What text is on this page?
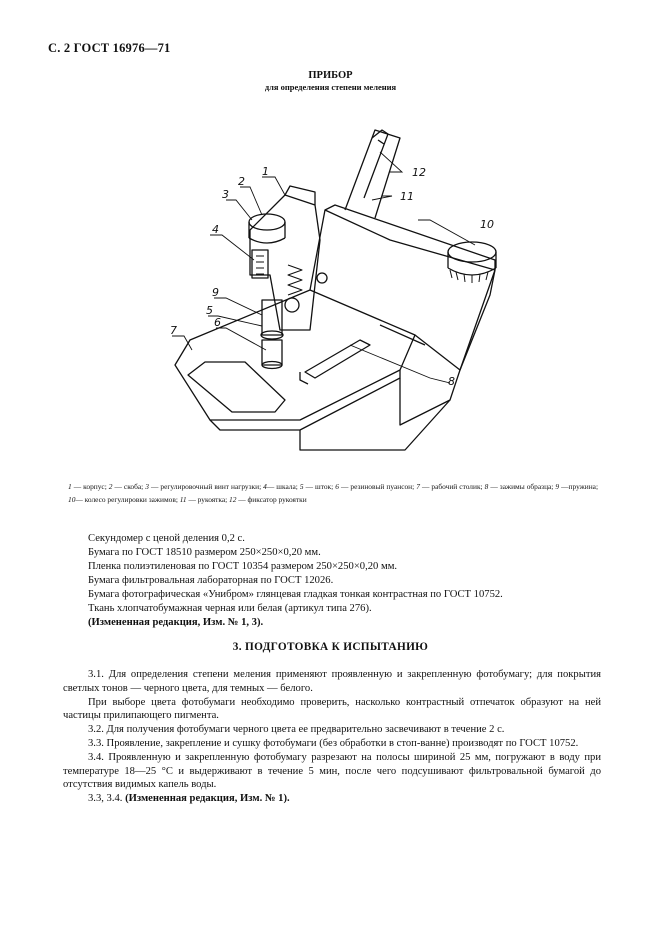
С. 2 ГОСТ 16976—71
ПРИБОР
для определения степени меления
1
2
3
4
5
6
7
8
9
10
11
12
1 — корпус; 2 — скоба; 3 — регулировочный винт нагрузки; 4— шкала; 5 — шток; 6 — резиновый пуансон; 7 — рабочий столик; 8 — зажимы образца; 9 —пружина; 10— колесо регулировки зажимов; 11 — рукоятка; 12 — фиксатор рукоятки
Секундомер с ценой деления 0,2 с.
Бумага по ГОСТ 18510 размером 250×250×0,20 мм.
Пленка полиэтиленовая по ГОСТ 10354 размером 250×250×0,20 мм.
Бумага фильтровальная лабораторная по ГОСТ 12026.
Бумага фотографическая «Унибром» глянцевая гладкая тонкая контрастная по ГОСТ 10752.
Ткань хлопчатобумажная черная или белая (артикул типа 276).
(Измененная редакция, Изм. № 1, 3).
3. ПОДГОТОВКА К ИСПЫТАНИЮ

3.1. Для определения степени меления применяют проявленную и закрепленную фотобумагу; для покрытия светлых тонов — черного цвета, для темных — белого.

При выборе цвета фотобумаги необходимо проверить, насколько контрастный отпечаток образуют на ней частицы прилипающего пигмента.

3.2. Для получения фотобумаги черного цвета ее предварительно засвечивают в течение 2 с.

3.3. Проявление, закрепление и сушку фотобумаги (без обработки в стоп-ванне) производят по ГОСТ 10752.

3.4. Проявленную и закрепленную фотобумагу разрезают на полосы шириной 25 мм, погружают в воду при температуре 18—25 °С и выдерживают в течение 5 мин, после чего подсушивают фильтровальной бумагой до отсутствия видимых капель воды.

3.3, 3.4. (Измененная редакция, Изм. № 1).
